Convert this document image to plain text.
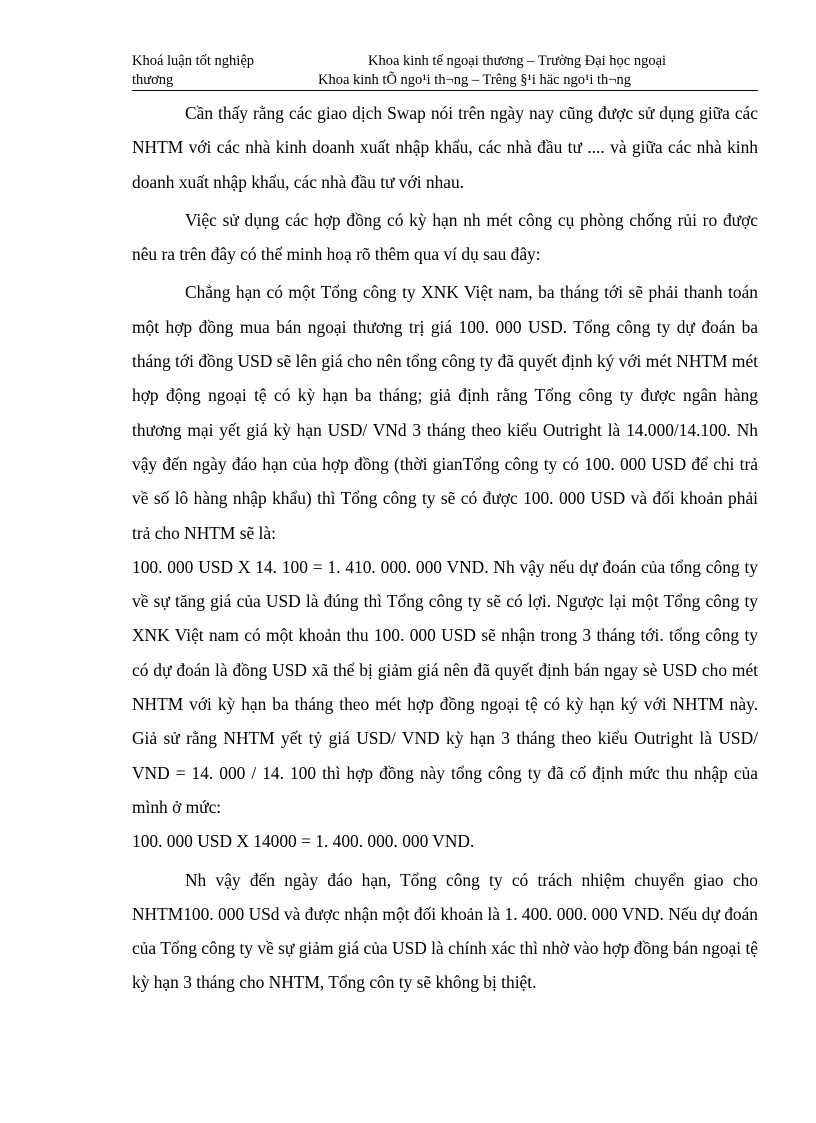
Khoá luận tốt nghiệp	Khoa kinh tế ngoại thương – Trường Đại học ngoại
thương	Khoa kinh tÕ ngo¹i th¬ng – Trêng §¹i häc ngo¹i th¬ng

Cần thấy rằng các giao dịch Swap nói trên ngày nay cũng được sử dụng giữa các NHTM với các nhà kinh doanh xuất nhập khẩu, các nhà đầu tư .... và giữa các nhà kinh doanh xuất nhập khẩu, các nhà đầu tư với nhau.

Việc sử dụng các hợp đồng có kỳ hạn nh mét công cụ phòng chống rủi ro được nêu ra trên đây có thể minh hoạ rõ thêm qua ví dụ sau đây:

Chẳng hạn có một Tổng công ty XNK Việt nam, ba tháng tới sẽ phải thanh toán một hợp đồng mua bán ngoại thương trị giá 100. 000 USD. Tổng công ty dự đoán ba tháng tới đồng USD sẽ lên giá cho nên tổng công ty đã quyết định ký với mét NHTM mét hợp động ngoại tệ có kỳ hạn ba tháng; giả định rằng Tổng công ty được ngân hàng thương mại yết giá kỳ hạn USD/ VNd 3 tháng theo kiểu Outright là 14.000/14.100. Nh vậy đến ngày đáo hạn của hợp đồng (thời gianTổng công ty có 100. 000 USD để chi trả về số lô hàng nhập khẩu) thì Tổng công ty sẽ có được 100. 000 USD và đối khoản phải trả cho NHTM sẽ là:

100. 000 USD X 14. 100 = 1. 410. 000. 000 VND. Nh vậy nếu dự đoán của tổng công ty về sự tăng giá của USD là đúng thì Tổng công ty sẽ có lợi. Ngược lại một Tổng công ty XNK Việt nam có một khoản thu 100. 000 USD sẽ nhận trong 3 tháng tới. tổng công ty có dự đoán là đồng USD xã thể bị giảm giá nên đã quyết định bán ngay sè USD cho mét NHTM với kỳ hạn ba tháng theo mét hợp đồng ngoại tệ có kỳ hạn ký với NHTM này. Giả sử rằng NHTM yết tỷ giá USD/ VND kỳ hạn 3 tháng theo kiểu Outright là USD/ VND = 14. 000 / 14. 100 thì hợp đồng này tổng công ty đã cố định mức thu nhập của mình ở mức:

100. 000 USD X 14000 = 1. 400. 000. 000 VND.

Nh vậy đến ngày đáo hạn, Tổng công ty có trách nhiệm chuyển giao cho NHTM100. 000 USd và được nhận một đối khoản là 1. 400. 000. 000 VND. Nếu dự đoán của Tổng công ty về sự giảm giá của USD là chính xác thì nhờ vào hợp đồng bán ngoại tệ kỳ hạn 3 tháng cho NHTM, Tổng côn ty sẽ không bị thiệt.
